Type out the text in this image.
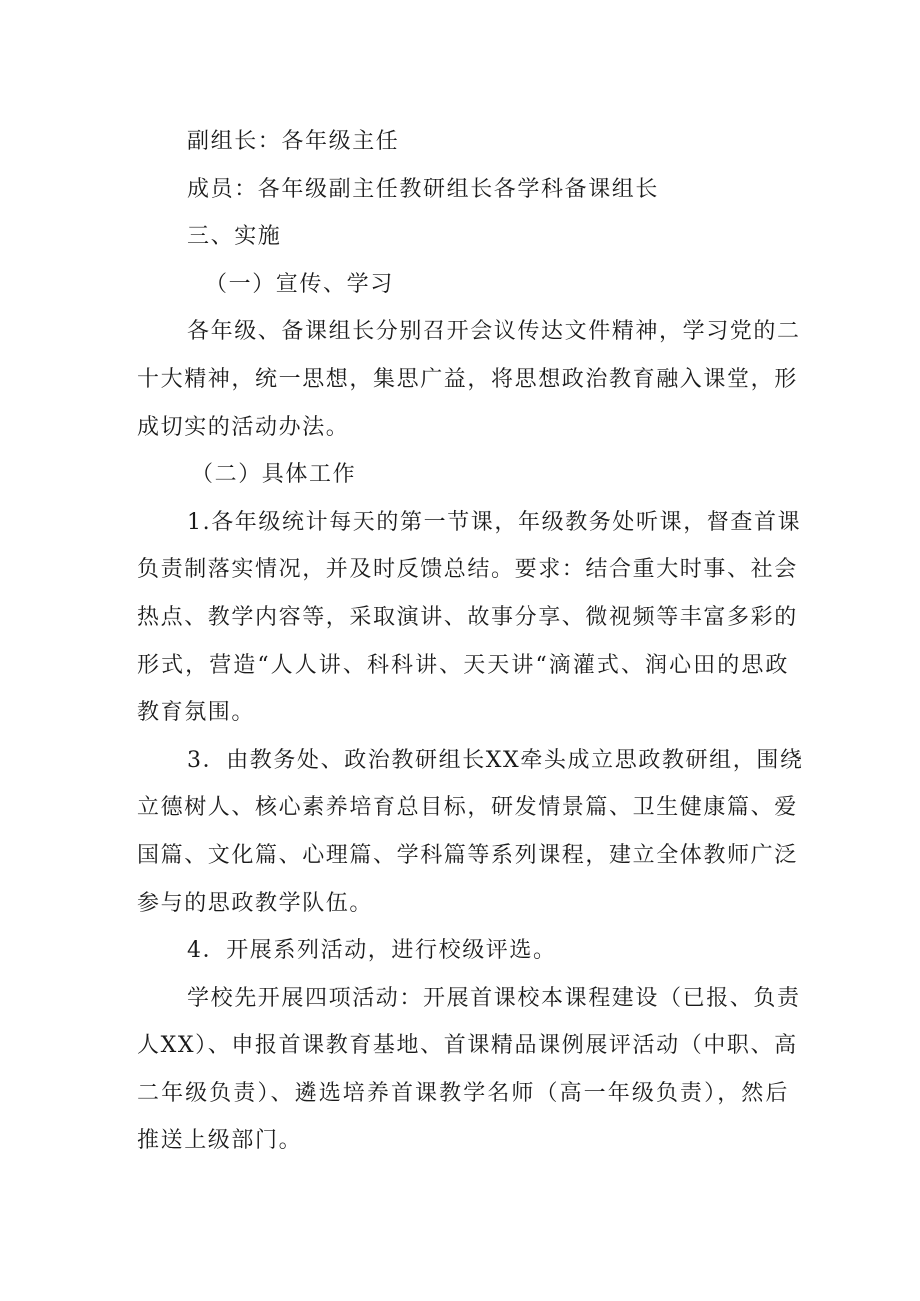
副组长：各年级主任
成员：各年级副主任教研组长各学科备课组长
三、实施
（一）宣传、学习
各年级、备课组长分别召开会议传达文件精神，学习党的二
十大精神，统一思想，集思广益，将思想政治教育融入课堂，形
成切实的活动办法。
（二）具体工作
1.各年级统计每天的第一节课，年级教务处听课，督查首课
负责制落实情况，并及时反馈总结。要求：结合重大时事、社会
热点、教学内容等，采取演讲、故事分享、微视频等丰富多彩的
形式，营造“人人讲、科科讲、天天讲“滴灌式、润心田的思政
教育氛围。
3．由教务处、政治教研组长XX牵头成立思政教研组，围绕
立德树人、核心素养培育总目标，研发情景篇、卫生健康篇、爱
国篇、文化篇、心理篇、学科篇等系列课程，建立全体教师广泛
参与的思政教学队伍。
4．开展系列活动，进行校级评选。
学校先开展四项活动：开展首课校本课程建设（已报、负责
人XX）、申报首课教育基地、首课精品课例展评活动（中职、高
二年级负责）、遴选培养首课教学名师（高一年级负责），然后
推送上级部门。
